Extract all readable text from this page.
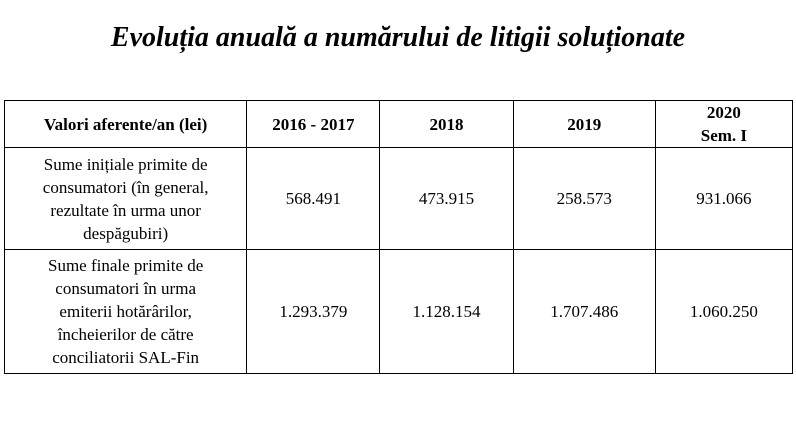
Evoluția anuală a numărului de litigii soluționate
Valori aferente/an (lei)	2016 - 2017	2018	2019	2020
Sem. I

Sume inițiale primite de
consumatori (în general,
rezultate în urma unor
despăgubiri)	568.491	473.915	258.573	931.066

Sume finale primite de
consumatori în urma
emiterii hotărârilor,
încheierilor de către
conciliatorii SAL-Fin	1.293.379	1.128.154	1.707.486	1.060.250
